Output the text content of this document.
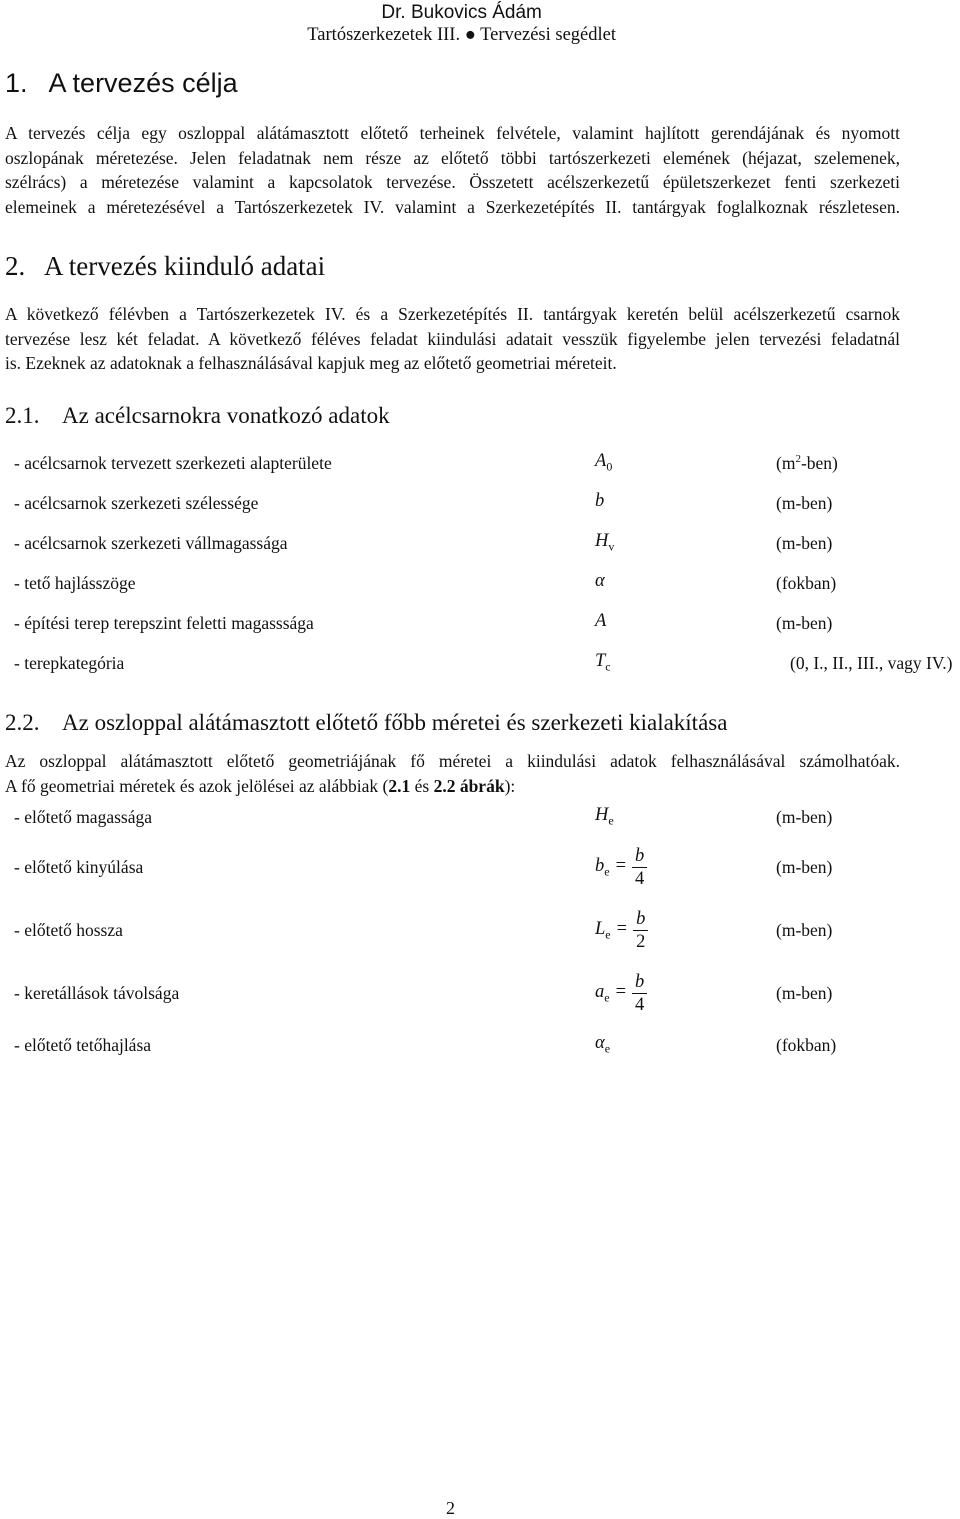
Dr. Bukovics Ádám
Tartószerkezetek III. ● Tervezési segédlet
1.   A tervezés célja
A tervezés célja egy oszloppal alátámasztott előtető terheinek felvétele, valamint hajlított gerendájának és nyomott
oszlopának méretezése. Jelen feladatnak nem része az előtető többi tartószerkezeti elemének (héjazat, szelemenek,
szélrács) a méretezése valamint a kapcsolatok tervezése. Összetett acélszerkezetű épületszerkezet fenti szerkezeti
elemeinek a méretezésével a Tartószerkezetek IV. valamint a Szerkezetépítés II. tantárgyak foglalkoznak részletesen.
2.   A tervezés kiinduló adatai
A következő félévben a Tartószerkezetek IV. és a Szerkezetépítés II. tantárgyak keretén belül acélszerkezetű csarnok
tervezése lesz két feladat. A következő féléves feladat kiindulási adatait vesszük figyelembe jelen tervezési feladatnál
is. Ezeknek az adatoknak a felhasználásával kapjuk meg az előtető geometriai méreteit.
2.1. Az acélcsarnokra vonatkozó adatok
- acélcsarnok tervezett szerkezeti alapterülete	$A_0$	$(m^2-ben)$
- acélcsarnok szerkezeti szélessége	b	(m-ben)
- acélcsarnok szerkezeti vállmagassága	$H_v$	(m-ben)
- tető hajlásszöge	α	(fokban)
- építési terep terepszint feletti magasssága	A	(m-ben)
- terepkategória	$T_c$	(0, I., II., III., vagy IV.)
2.2. Az oszloppal alátámasztott előtető főbb méretei és szerkezeti kialakítása
Az oszloppal alátámasztott előtető geometriájának fő méretei a kiindulási adatok felhasználásával számolhatóak.
A fő geometriai méretek és azok jelölései az alábbiak (2.1 és 2.2 ábrák):
- előtető magassága	$H_e$	(m-ben)
- előtető kinyúlása	$b_e = \frac{b}{4}$	(m-ben)
- előtető hossza	$L_e = \frac{b}{2}$	(m-ben)
- keretállások távolsága	$a_e = \frac{b}{4}$	(m-ben)
- előtető tetőhajlása	$\alpha_e$	(fokban)
2
